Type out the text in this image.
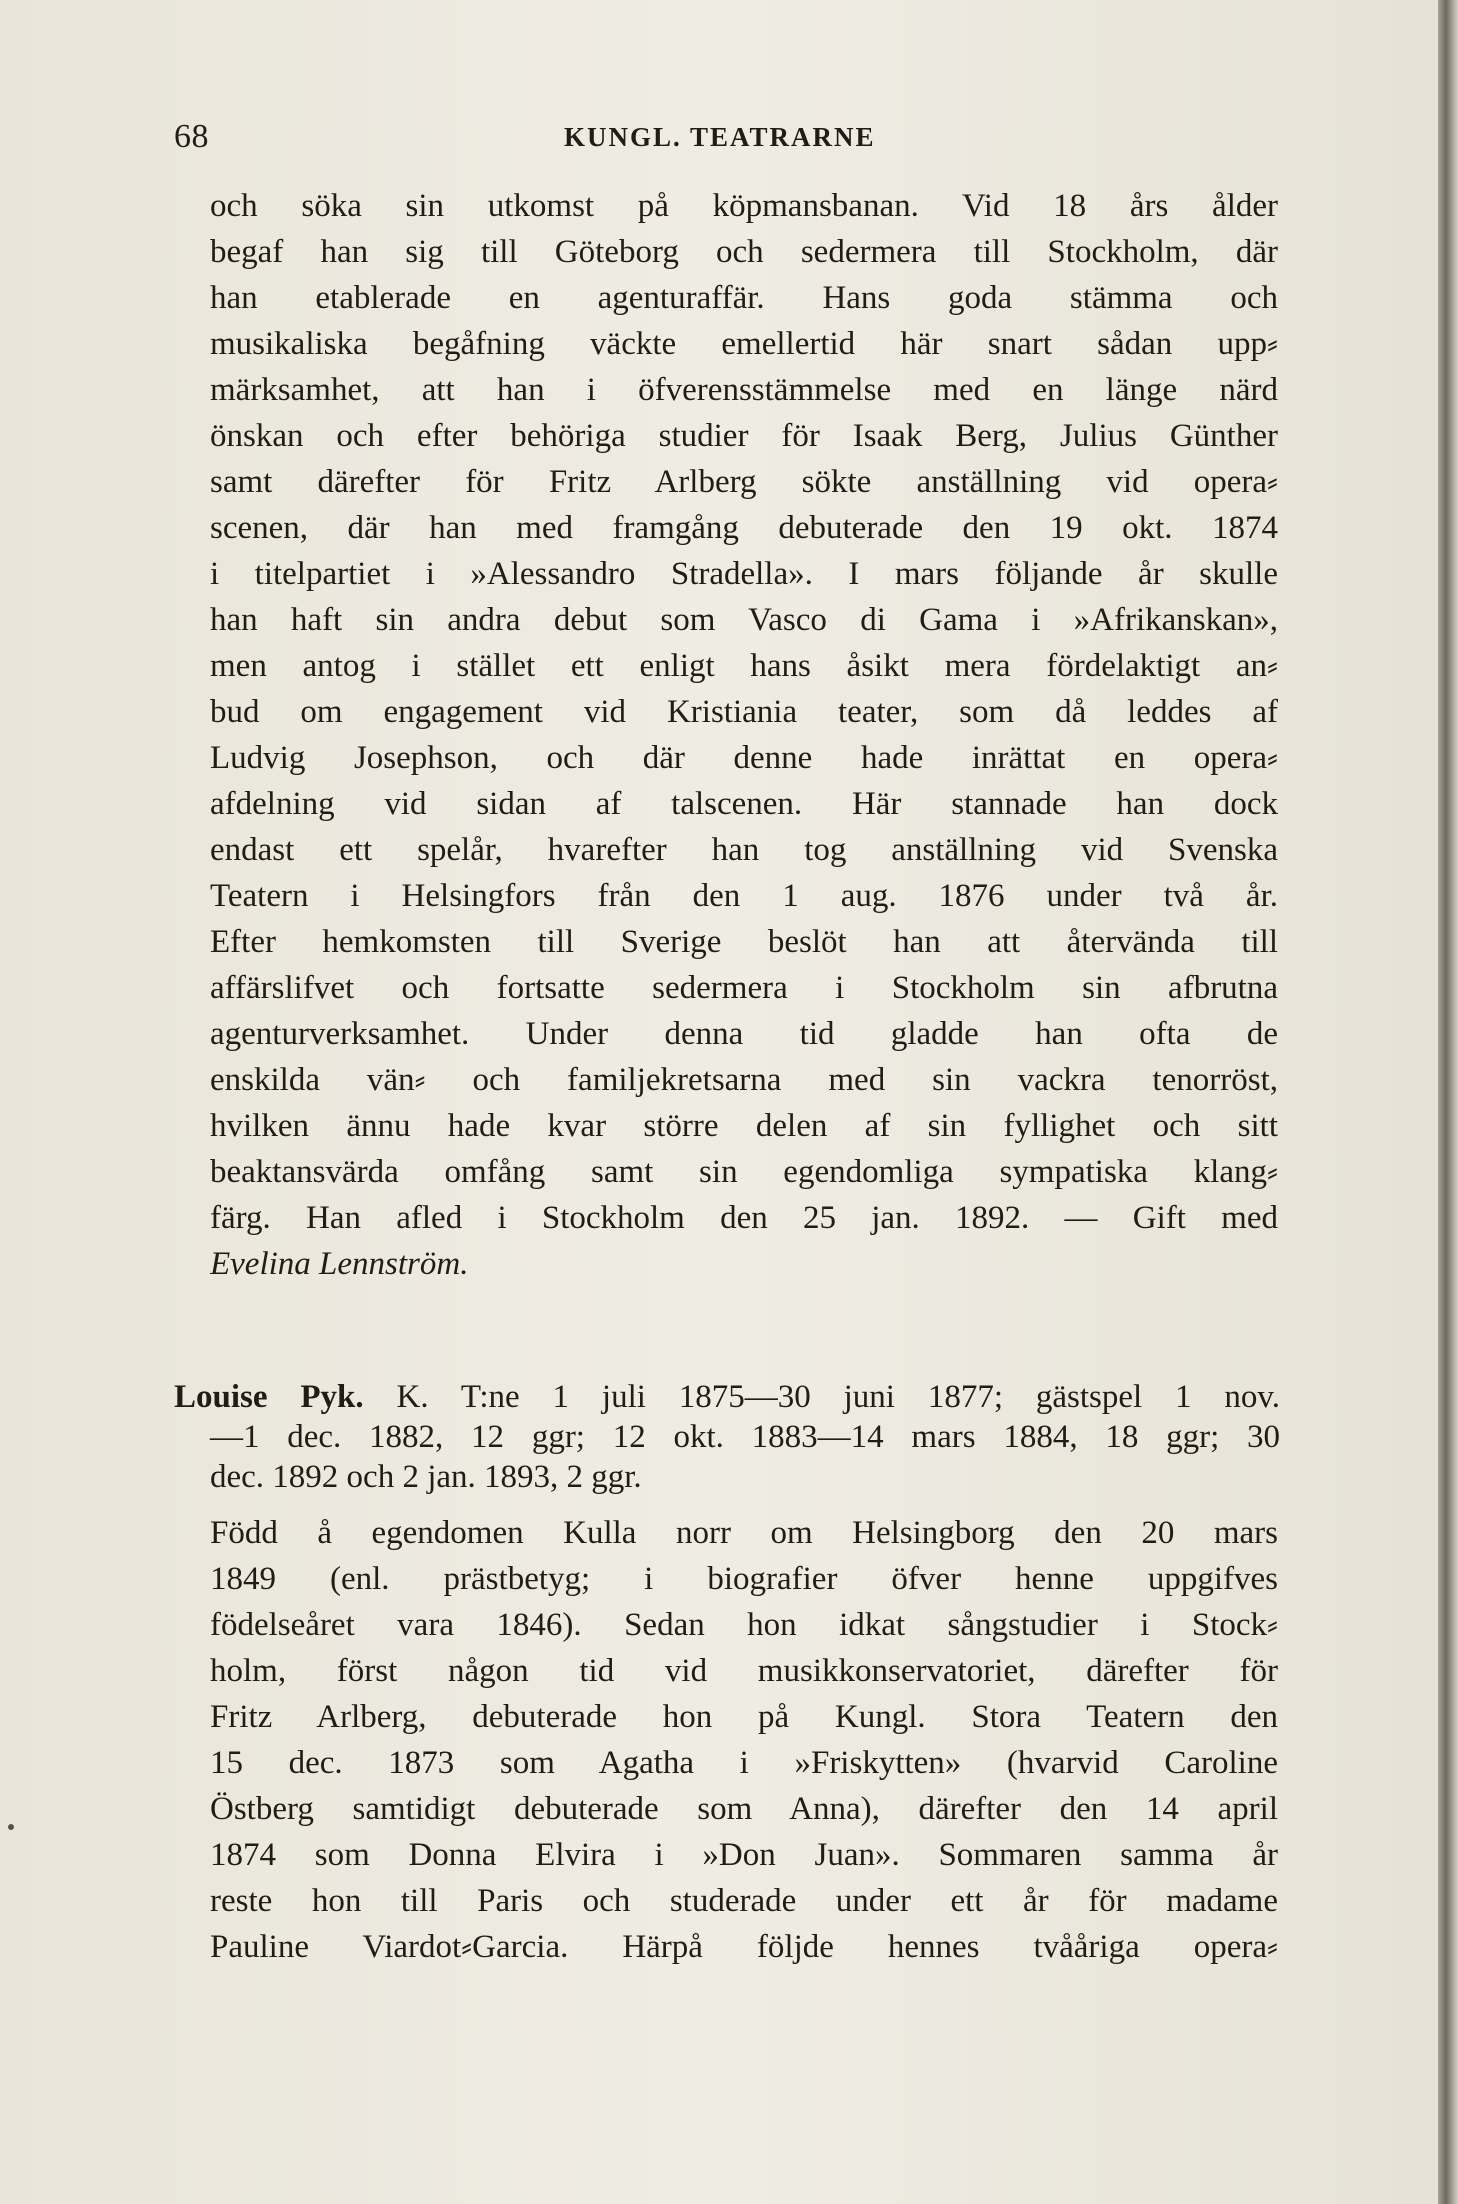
68	KUNGL. TEATRARNE
och söka sin utkomst på köpmansbanan. Vid 18 års ålder
begaf han sig till Göteborg och sedermera till Stockholm, där
han etablerade en agenturaffär. Hans goda stämma och
musikaliska begåfning väckte emellertid här snart sådan upp⸗
märksamhet, att han i öfverensstämmelse med en länge närd
önskan och efter behöriga studier för Isaak Berg, Julius Günther
samt därefter för Fritz Arlberg sökte anställning vid opera⸗
scenen, där han med framgång debuterade den 19 okt. 1874
i titelpartiet i »Alessandro Stradella». I mars följande år skulle
han haft sin andra debut som Vasco di Gama i »Afrikanskan»,
men antog i stället ett enligt hans åsikt mera fördelaktigt an⸗
bud om engagement vid Kristiania teater, som då leddes af
Ludvig Josephson, och där denne hade inrättat en opera⸗
afdelning vid sidan af talscenen. Här stannade han dock
endast ett spelår, hvarefter han tog anställning vid Svenska
Teatern i Helsingfors från den 1 aug. 1876 under två år.
Efter hemkomsten till Sverige beslöt han att återvända till
affärslifvet och fortsatte sedermera i Stockholm sin afbrutna
agenturverksamhet. Under denna tid gladde han ofta de
enskilda vän⸗ och familjekretsarna med sin vackra tenorröst,
hvilken ännu hade kvar större delen af sin fyllighet och sitt
beaktansvärda omfång samt sin egendomliga sympatiska klang⸗
färg. Han afled i Stockholm den 25 jan. 1892. — Gift med
Evelina Lennström.
Louise Pyk. K. T:ne 1 juli 1875—30 juni 1877; gästspel 1 nov.
—1 dec. 1882, 12 ggr; 12 okt. 1883—14 mars 1884, 18 ggr; 30
dec. 1892 och 2 jan. 1893, 2 ggr.
Född å egendomen Kulla norr om Helsingborg den 20 mars
1849 (enl. prästbetyg; i biografier öfver henne uppgifves
födelseåret vara 1846). Sedan hon idkat sångstudier i Stock⸗
holm, först någon tid vid musikkonservatoriet, därefter för
Fritz Arlberg, debuterade hon på Kungl. Stora Teatern den
15 dec. 1873 som Agatha i »Friskytten» (hvarvid Caroline
Östberg samtidigt debuterade som Anna), därefter den 14 april
1874 som Donna Elvira i »Don Juan». Sommaren samma år
reste hon till Paris och studerade under ett år för madame
Pauline Viardot⸗Garcia. Härpå följde hennes tvååriga opera⸗
